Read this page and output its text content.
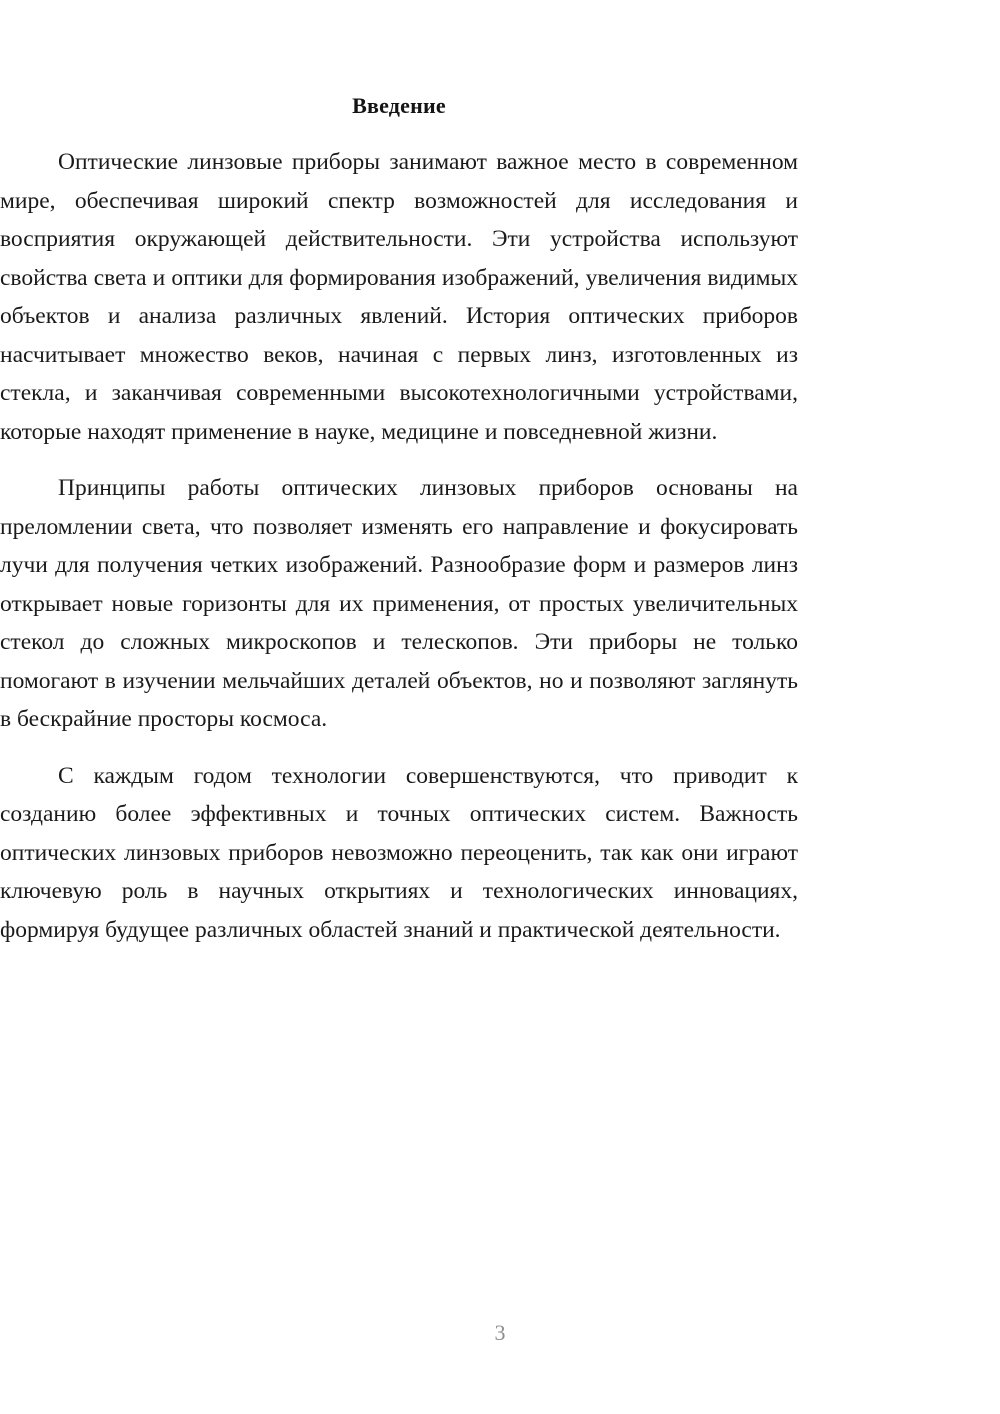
Введение

Оптические линзовые приборы занимают важное место в современном мире, обеспечивая широкий спектр возможностей для исследования и восприятия окружающей действительности. Эти устройства используют свойства света и оптики для формирования изображений, увеличения видимых объектов и анализа различных явлений. История оптических приборов насчитывает множество веков, начиная с первых линз, изготовленных из стекла, и заканчивая современными высокотехнологичными устройствами, которые находят применение в науке, медицине и повседневной жизни.

Принципы работы оптических линзовых приборов основаны на преломлении света, что позволяет изменять его направление и фокусировать лучи для получения четких изображений. Разнообразие форм и размеров линз открывает новые горизонты для их применения, от простых увеличительных стекол до сложных микроскопов и телескопов. Эти приборы не только помогают в изучении мельчайших деталей объектов, но и позволяют заглянуть в бескрайние просторы космоса.

С каждым годом технологии совершенствуются, что приводит к созданию более эффективных и точных оптических систем. Важность оптических линзовых приборов невозможно переоценить, так как они играют ключевую роль в научных открытиях и технологических инновациях, формируя будущее различных областей знаний и практической деятельности.

3
